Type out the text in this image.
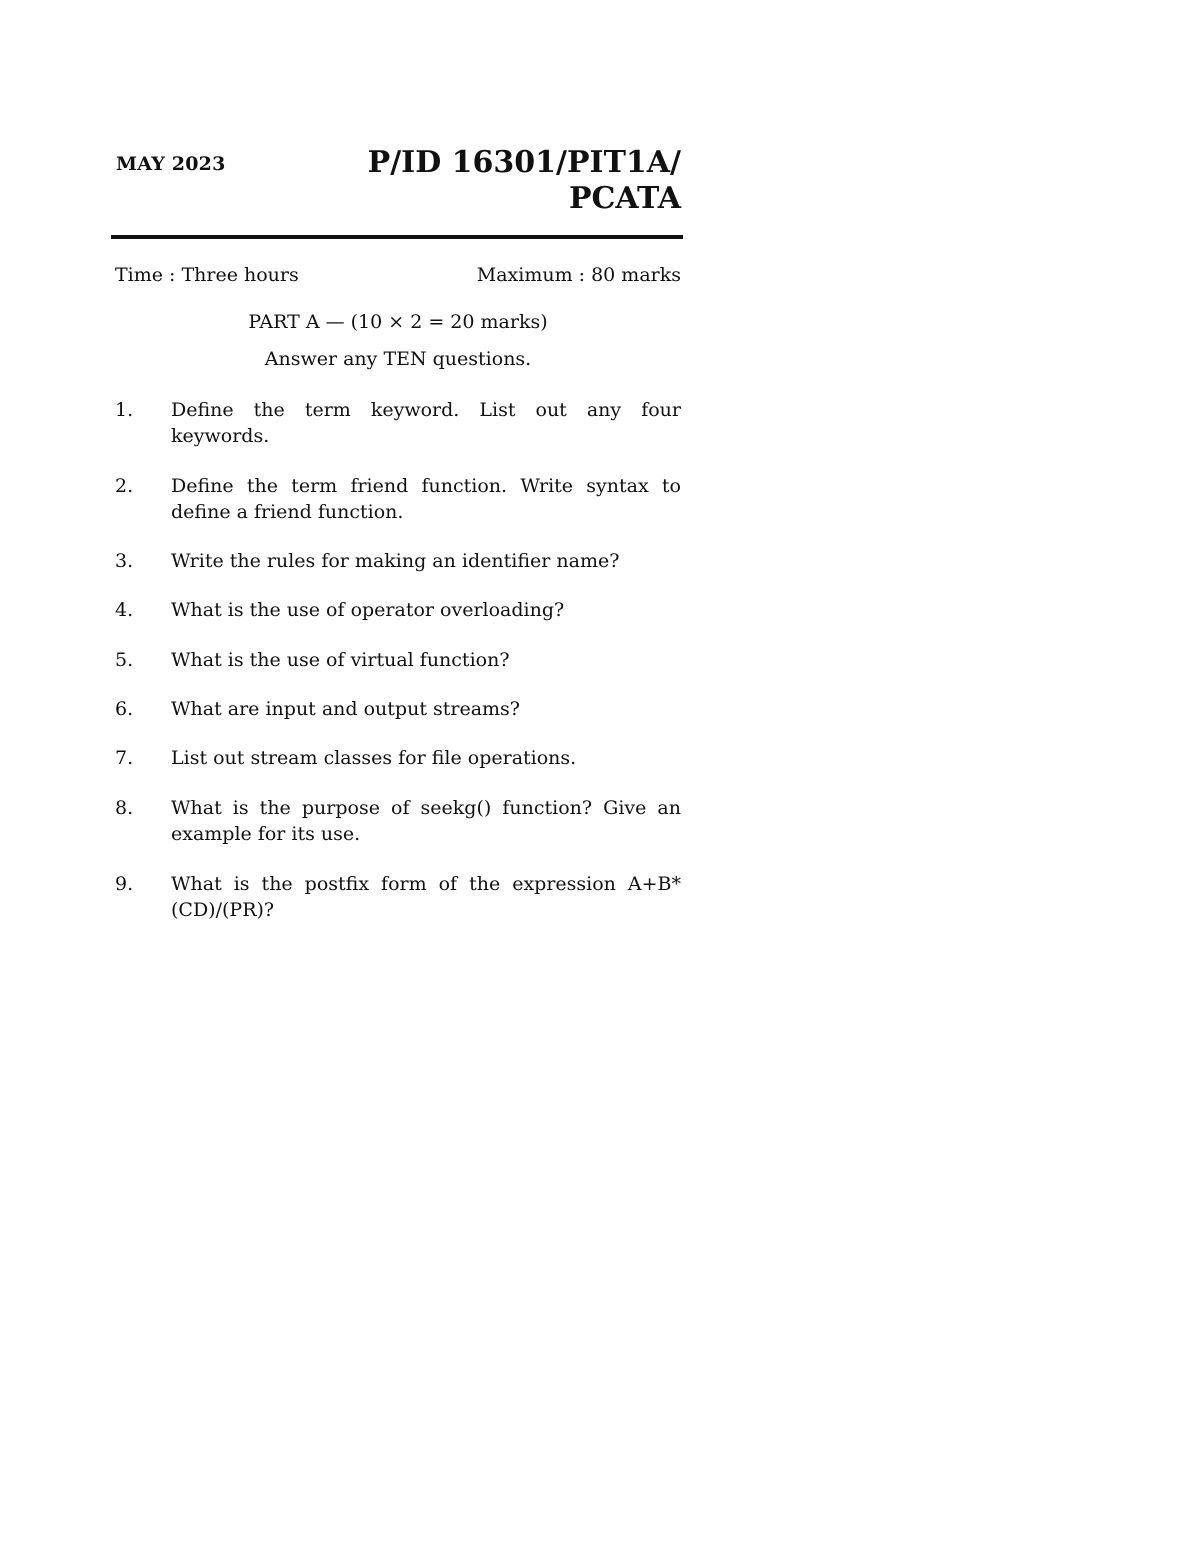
MAY 2023	P/ID 16301/PIT1A/
PCATA
Time : Three hours	Maximum : 80 marks
PART A — (10 × 2 = 20 marks)
Answer any TEN questions.
1.	Define the term keyword. List out any four keywords.
2.	Define the term friend function. Write syntax to define a friend function.
3.	Write the rules for making an identifier name?
4.	What is the use of operator overloading?
5.	What is the use of virtual function?
6.	What are input and output streams?
7.	List out stream classes for file operations.
8.	What is the purpose of seekg() function? Give an example for its use.
9.	What is the postfix form of the expression A+B*(CD)/(PR)?
